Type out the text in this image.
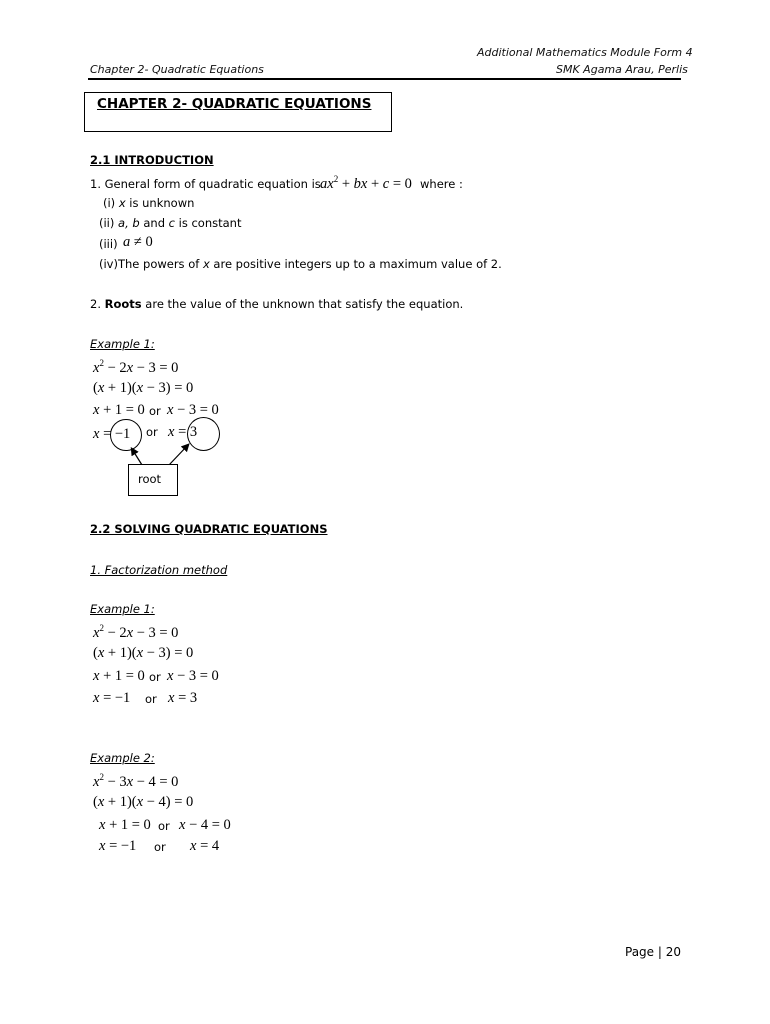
Additional Mathematics Module Form 4
Chapter 2- Quadratic Equations	SMK Agama Arau, Perlis
CHAPTER 2- QUADRATIC EQUATIONS
2.1 INTRODUCTION
1. General form of quadratic equation is $ax^2$ + bx + c = 0 where :
(i) x is unknown
(ii) a, b and c is constant
(iii) a ≠ 0
(iv)The powers of x are positive integers up to a maximum value of 2.
2. Roots are the value of the unknown that satisfy the equation.
Example 1:
$x^2 - 2x - 3 = 0$
(x + 1)(x − 3) = 0
x + 1 = 0 or x − 3 = 0
x = −1 or x = 3
root
2.2 SOLVING QUADRATIC EQUATIONS
1. Factorization method
Example 1:
$x^2 - 2x - 3 = 0$
(x + 1)(x − 3) = 0
x + 1 = 0 or x − 3 = 0
x = −1 or x = 3
Example 2:
$x^2 - 3x - 4 = 0$
(x + 1)(x − 4) = 0
x + 1 = 0 or x − 4 = 0
x = −1 or x = 4
Page | 20
